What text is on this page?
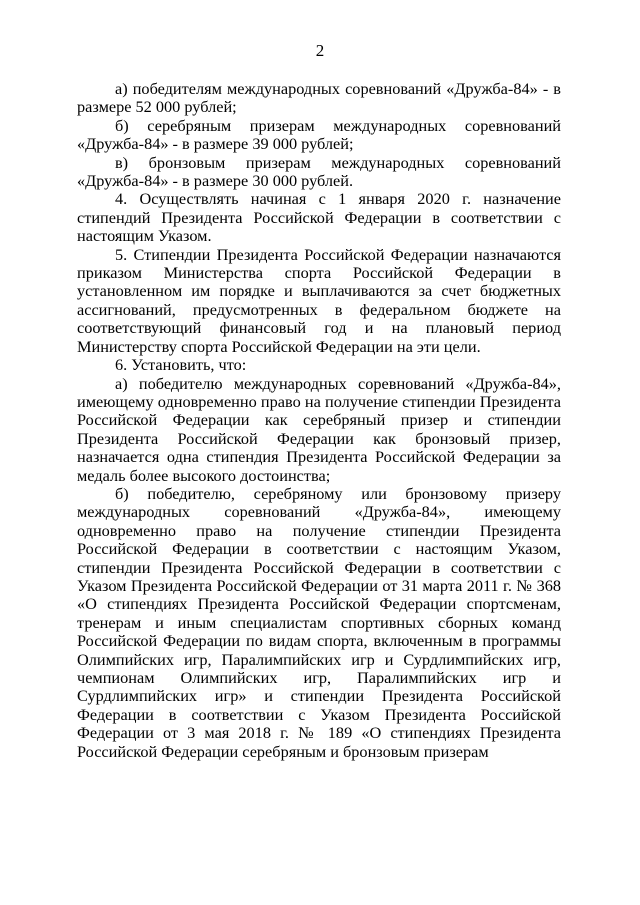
2

а) победителям международных соревнований «Дружба-84» - в размере 52 000 рублей;

б) серебряным призерам международных соревнований «Дружба-84» - в размере 39 000 рублей;

в) бронзовым призерам международных соревнований «Дружба-84» - в размере 30 000 рублей.

4. Осуществлять начиная с 1 января 2020 г. назначение стипендий Президента Российской Федерации в соответствии с настоящим Указом.

5. Стипендии Президента Российской Федерации назначаются приказом Министерства спорта Российской Федерации в установленном им порядке и выплачиваются за счет бюджетных ассигнований, предусмотренных в федеральном бюджете на соответствующий финансовый год и на плановый период Министерству спорта Российской Федерации на эти цели.

6. Установить, что:

а) победителю международных соревнований «Дружба-84», имеющему одновременно право на получение стипендии Президента Российской Федерации как серебряный призер и стипендии Президента Российской Федерации как бронзовый призер, назначается одна стипендия Президента Российской Федерации за медаль более высокого достоинства;

б) победителю, серебряному или бронзовому призеру международных соревнований «Дружба-84», имеющему одновременно право на получение стипендии Президента Российской Федерации в соответствии с настоящим Указом, стипендии Президента Российской Федерации в соответствии с Указом Президента Российской Федерации от 31 марта 2011 г. № 368 «О стипендиях Президента Российской Федерации спортсменам, тренерам и иным специалистам спортивных сборных команд Российской Федерации по видам спорта, включенным в программы Олимпийских игр, Паралимпийских игр и Сурдлимпийских игр, чемпионам Олимпийских игр, Паралимпийских игр и Сурдлимпийских игр» и стипендии Президента Российской Федерации в соответствии с Указом Президента Российской Федерации от 3 мая 2018 г. № 189 «О стипендиях Президента Российской Федерации серебряным и бронзовым призерам
